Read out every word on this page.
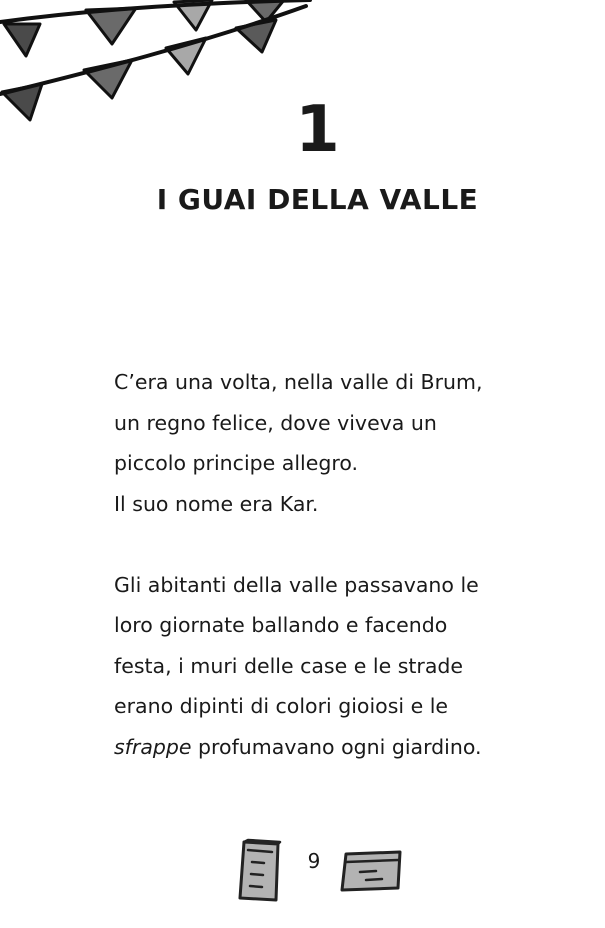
1
I GUAI DELLA VALLE

C’era una volta, nella valle di Brum,
un regno felice, dove viveva un
piccolo principe allegro.
Il suo nome era Kar.

Gli abitanti della valle passavano le
loro giornate ballando e facendo
festa, i muri delle case e le strade
erano dipinti di colori gioiosi e le
sfrappe profumavano ogni giardino.

9
